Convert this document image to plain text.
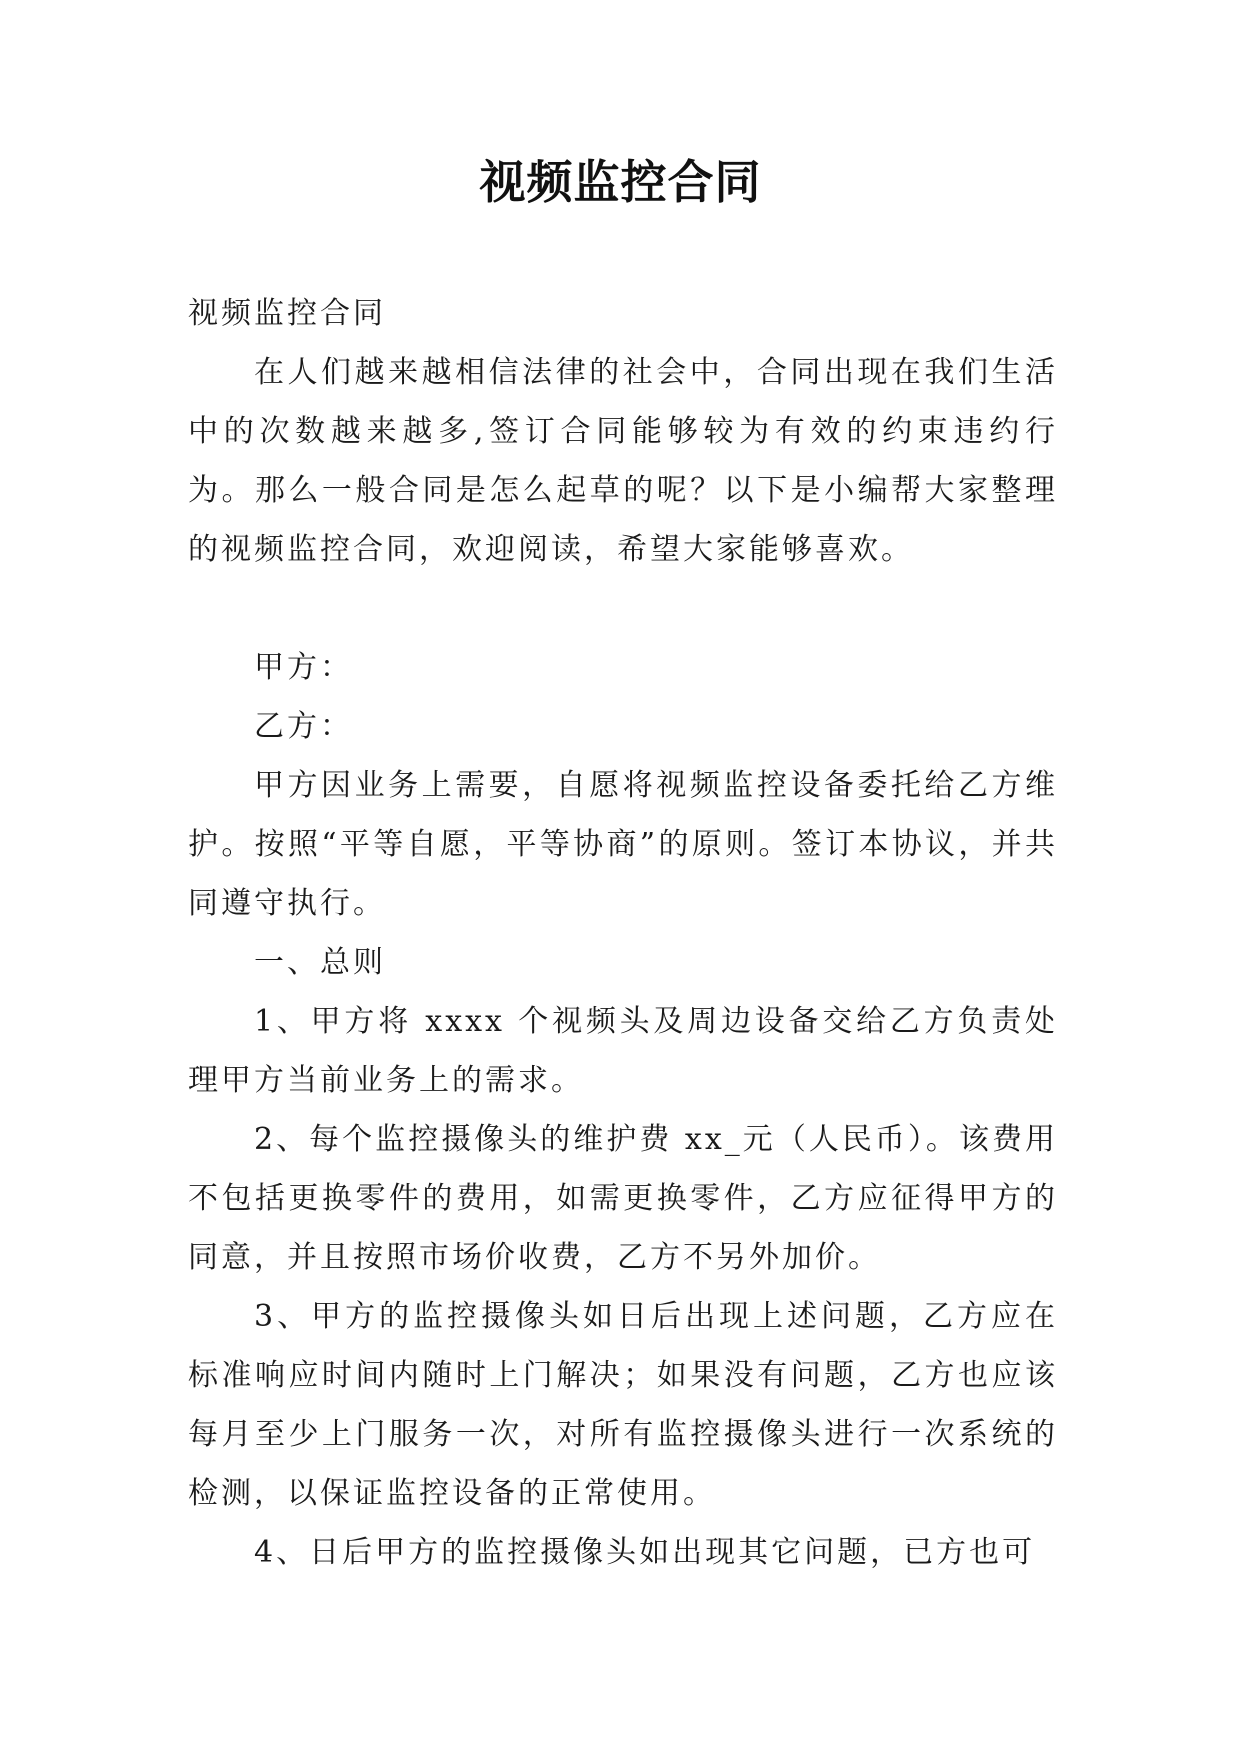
视频监控合同

视频监控合同

在人们越来越相信法律的社会中，合同出现在我们生活中的次数越来越多,签订合同能够较为有效的约束违约行为。那么一般合同是怎么起草的呢？以下是小编帮大家整理的视频监控合同，欢迎阅读，希望大家能够喜欢。

甲方：

乙方：

甲方因业务上需要，自愿将视频监控设备委托给乙方维护。按照“平等自愿，平等协商”的原则。签订本协议，并共同遵守执行。

一、总则

1、甲方将 xxxx 个视频头及周边设备交给乙方负责处理甲方当前业务上的需求。

2、每个监控摄像头的维护费 xx_元（人民币）。该费用不包括更换零件的费用，如需更换零件，乙方应征得甲方的同意，并且按照市场价收费，乙方不另外加价。

3、甲方的监控摄像头如日后出现上述问题，乙方应在标准响应时间内随时上门解决；如果没有问题，乙方也应该每月至少上门服务一次，对所有监控摄像头进行一次系统的检测，以保证监控设备的正常使用。

4、日后甲方的监控摄像头如出现其它问题，已方也可
